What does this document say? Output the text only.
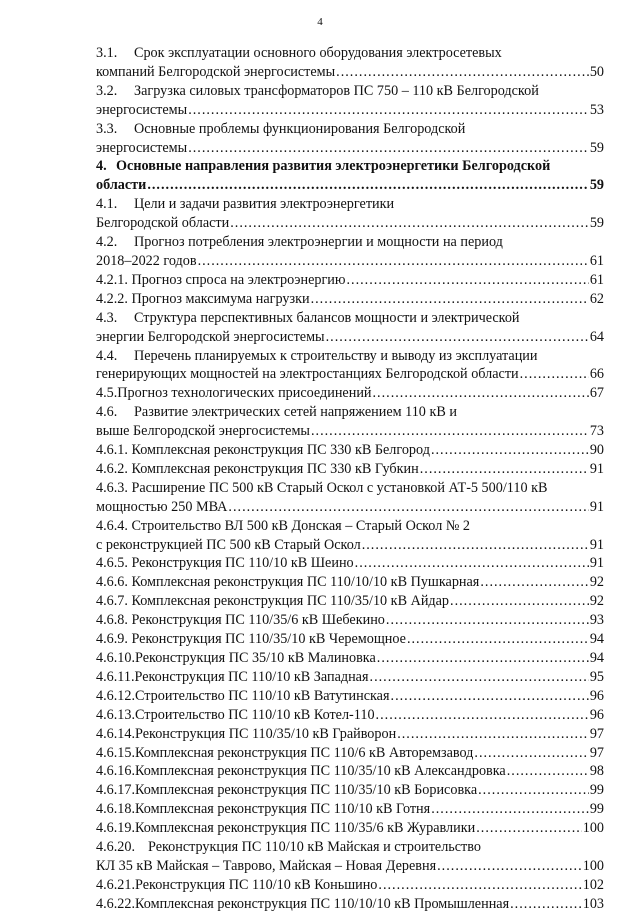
4
3.1.	Срок эксплуатации основного оборудования электросетевых
компаний Белгородской энергосистемы .....	50
3.2.	Загрузка силовых трансформаторов ПС 750 – 110 кВ Белгородской
энергосистемы .....	53
3.3.	Основные проблемы функционирования Белгородской
энергосистемы .....	59
4. Основные направления развития электроэнергетики Белгородской
области .....	59
4.1.	Цели и задачи развития электроэнергетики
Белгородской области .....	59
4.2.	Прогноз потребления электроэнергии и мощности на период
2018–2022 годов .....	61
4.2.1.
Прогноз спроса на электроэнергию .....	61
4.2.2.
Прогноз максимума нагрузки .....	62
4.3.	Структура перспективных балансов мощности и электрической
энергии Белгородской энергосистемы .....	64
4.4.	Перечень планируемых к строительству и выводу из эксплуатации
генерирующих мощностей на электростанциях Белгородской области .....	66
4.5. Прогноз технологических присоединений .....	67
4.6.	Развитие электрических сетей напряжением 110 кВ и
выше Белгородской энергосистемы .....	73
4.6.1.
Комплексная реконструкция ПС 330 кВ Белгород .....	90
4.6.2.
Комплексная реконструкция ПС 330 кВ Губкин .....	91
4.6.3.
Расширение ПС 500 кВ Старый Оскол с установкой АТ-5 500/110 кВ
мощностью 250 МВА .....	91
4.6.4.
Строительство ВЛ 500 кВ Донская – Старый Оскол № 2
с реконструкцией ПС 500 кВ Старый Оскол .....	91
4.6.5.
Реконструкция ПС 110/10 кВ Шеино .....	91
4.6.6.
Комплексная реконструкция ПС 110/10/10 кВ Пушкарная .....	92
4.6.7.
Комплексная реконструкция ПС 110/35/10 кВ Айдар .....	92
4.6.8.
Реконструкция ПС 110/35/6 кВ Шебекино .....	93
4.6.9.
Реконструкция ПС 110/35/10 кВ Черемощное .....	94
4.6.10. Реконструкция ПС 35/10 кВ Малиновка .....	94
4.6.11. Реконструкция ПС 110/10 кВ Западная .....	95
4.6.12. Строительство ПС 110/10 кВ Ватутинская .....	96
4.6.13. Строительство ПС 110/10 кВ Котел-110 .....	96
4.6.14. Реконструкция ПС 110/35/10 кВ Грайворон .....	97
4.6.15. Комплексная реконструкция ПС 110/6 кВ Авторемзавод .....	97
4.6.16. Комплексная реконструкция ПС 110/35/10 кВ Александровка .....	98
4.6.17. Комплексная реконструкция ПС 110/35/10 кВ Борисовка .....	99
4.6.18. Комплексная реконструкция ПС 110/10 кВ Готня .....	99
4.6.19. Комплексная реконструкция ПС 110/35/6 кВ Журавлики .....	100
4.6.20. Реконструкция ПС 110/10 кВ Майская и строительство
КЛ 35 кВ Майская – Таврово, Майская – Новая Деревня .....	100
4.6.21. Реконструкция ПС 110/10 кВ Коньшино .....	102
4.6.22. Комплексная реконструкция ПС 110/10/10 кВ Промышленная .....	103
